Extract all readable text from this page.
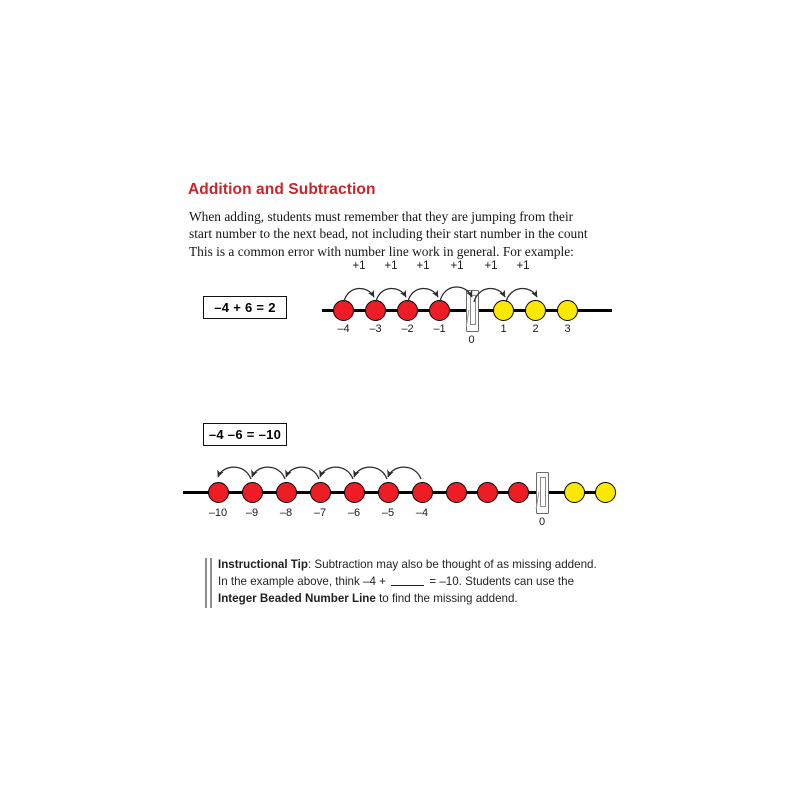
Addition and Subtraction
When adding, students must remember that they are jumping from their
start number to the next bead, not including their start number in the count
This is a common error with number line work in general. For example:
–4 + 6 = 2
–4	–3	–2	–1	1	2	3
0
+1	+1	+1	+1	+1	+1
–4 –6 = –10
–10	–9	–8	–7	–6	–5	–4
0
Instructional Tip: Subtraction may also be thought of as missing addend.
In the example above, think –4 +	= –10. Students can use the
Integer Beaded Number Line to find the missing addend.
